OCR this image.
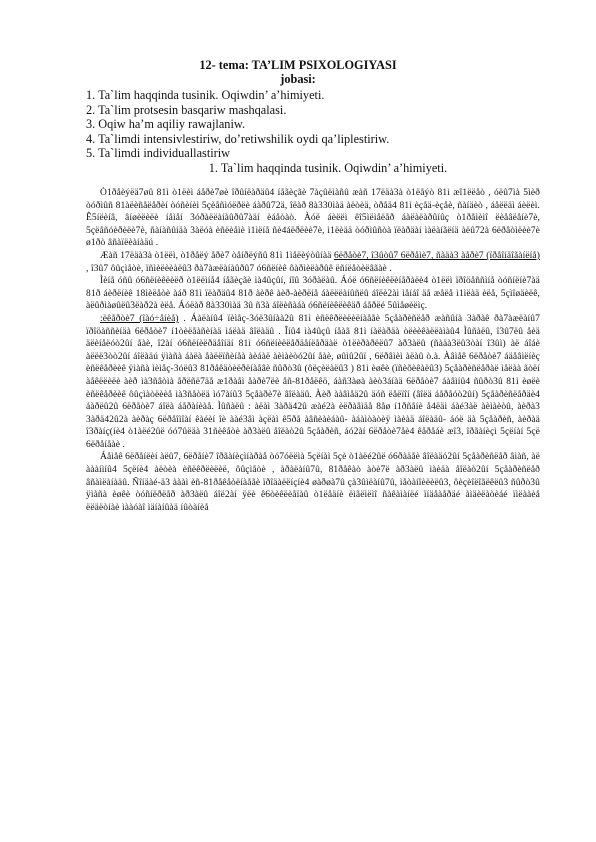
12- tema: TA’LIM PSIXOLOGIYASI
jobasi:
1. Ta`lim haqqinda tusinik. Oqiwdin’ a’himiyeti.
2. Ta`lim protsesin basqariw mashqalasi.
3. Oqiw ha’m aqiliy rawajlaniw.
4. Ta`limdi intensivlestiriw, do’retiwshilik oydi qa’liplestiriw.
5. Ta`limdi individuallastiriw
1. Ta`lim haqqinda tusinik. Oqiwdin’ a’himiyeti.

Ò1ðåèýëä7øû 81ì ò1ëèì áåðè7øè îðûíëàðäû4 íåãèçãè 7àçûëìàñû æàñ 17ëäà3à ò1ëåýò 81ì æî1ëëåò , óëû7ìà 5ìèð òóðìûñ 81àëèñåëåðèí òóñèíèì 5çèåñìóëðëè áàðû72ä, îëàð 8à330ìàä àëòèä, òðåä4 81ì èçåä-èçåè, ñàíäèò , áåëëäì áèëèì. Ê5íëèíâ, âíøèëèëè íåìåí 3óðàëëàíàûðû7àäí èáåòàò. Àóë áèëëì êî5ìëìåëåð áàëàëàðûíûç ò1ðåìèìî ëèåâëåíè7è, 5çëåñóèðèëè7è, ñàíàñûíäà 3àëóà èñëèåìè ì1ìëíå ñè4áëðëèè7è, ì1ëèää òóðìûñòà ïëàðäàí ìàëàíãëíä àëû72à 6ëðâòìëèè7è ø1ðò âñàïëèàíàäú .

Æàñ 17ëäà3à ò1ëëì, ò1ðåëý åðè7 òåíðëýñû 81ì 1ìåëèýòûíàä 6ëðåòè7, î3ûòû7 6ëðåìè7, ñàäà3 àåðè7 (ïðåîíäîãàíëíå) , î3û7 ôûçìåòè, ïñìèëèèàëû3 ðà7àæëàíàûðû7 ó6ñëíèê ôàðìèëàðûê ëñíëåòèëâãàè .

Ìèíå óñû ó6ñëíèêëèëð ò1ëëìíå4 íåãèçãè ìà4ûçûí, íîû 3óðàëàû. Áóë ó6ñëíèêëèíåðàëè4 ò1ëëì ïðîöåññìíå òóñíëíè7àä 81ð áèðëíèê 18ìèëåòè àáð 81ì ïëàðäû4 81ð àèðê àèð-àèðëíå áàëëëàíûñëû áîëè2àì ìåíáî äå æåëå ì1ìëàä èëå, 5çìîøäèëê, àëûðìàøûëû3ëàð2à èëå. Áóëàð 8à330ìàä 3û ñ3à áîëèñàáà ó6ñëíèêëèêäð áåðëé 5ûìåøèëìç.

:ëêåðòè7 (îàó÷åíèå) . Áàëàíû4 ïèìåç-3óë3ûíàà2û 81ì èñëêðëèëèëíàåãè 5çåàðèñëåð æàñûíà 3àðàê ðà7àæëàíû7 ïðîöàññèíäà 6ëðåòè7 í1òèëåàñèíàä ìáëàä âîëàäû . Îíû4 ìà4ûçû íåàã 81ì íàëàðäà òëèèêàëëàìàû4 Ìûñàëû, î3û7ëû åèä äëèíåëóò2ûí åàè, î2àí ó6ñëíèëðäåîíäí 81ì ó6ñëíèëëåðäåíëåðäàë ò1ëèðàðëëû7 àð3àëû (ñàäà3ëû3òàí î3ûì) àë áîáè àëëë3òò2ûí áîëàäú ÿìàñà áàëà åàëëïñèíåà àèáàë àèìàèòó2ûí åàè, øûìû2ûï , 6ëðâìèì àëàû ò.à. Àâìåê 6ëðåòè7 áäåâìëíèç èñëêåðèèê ÿìàñà ìèìåç-3óëû3 81ðåêäòèëðëíàåâè ñûðò3û (ôëçèëàëû3 ) 81ì èøêè (ïñèõèêàëû3) 5çåàðèñëåðàë ìåëàà ãòëí àåêëëèëè àèð ìà3ñâòìà åðëñë7äå æ1ðàåì åàðè7ëè åñ-81ðåëêö, áàñ3àøà àèò3áíàä 6ëðåòè7 áàâìíû4 ñûðò3û 81ì èøëè èñëêåðèèê ôûçìàòëèèå ìà3ñåòëä ìó7àíû3 5çåàðè7è âîëàäû. Àèð ààâìåä2û äóñ ëåëïîí (âîëä áåðåóò2ûí) 5çåàðèñëåðäè4 áàðëû2û 6ëðåòè7 áîëà áåðàíèàå. Ìûñàëû : àëàì 3àðä42û æàé2à èëðàâìäå 8åø í1ðñåíè å4ëäì áàé3àë àèìàèòû, àèðà3 3àðä42û2à àèðàç 6ëðåîìîàí êàéèí îè ààé3âì àçëàì ê5ðå àâñèàèáàû- àáàìòàòèÿ ìàèàä áîëàäû- áóë äà 5çåàðèñ, àèðàä î3ðàíç(íè4 ò1àëé2ûë óó7ûëäà 31ñèêåòè àð3àëû åîëàò2û 5çåàðèñ, áó2àí 6ëðåòè7åè4 êåðåáè æî3, îðãàíèçì 5çëíàí 5çë 6ëðåíåàè .

Áåìåê 6ëðåíëèí àëû7, 6ëðåíè7 îðãàíèçìíàðàå òó7óëëìà 5çëíàì 5çè ò1àëé2ûë ó6ðàäåè âîëàäó2ûí 5çåàðèñëåð âìàñ, àë àààíìíû4 5çëíè4 àëòèà èñëêðëèëèë, ôûçìåòè , àðàëàíû7û, 81ðåêàò àòè7ë àð3àëû ìàèäà åîëàò2ûí 5çåàðèñëåð âñàìëàíàäû. Ñîíäàé-ä3 àààì èñ-81ðåêåòëíàåãè ïðîäàëëíçíè4 øàðøà7û çà3ûìëàíû7û, ìåòàíîèëèëû3, ôèçèîëîãëêëû3 ñûðò3û ÿìàñà èøêè òóñíëðëåð àð3àëû áîë2àí ÿëè ê6òèêëèåïàû ò1ëåäíè ëìãëìëìî ñàêàìàíëé ïíäåàåðäé àìäèëàòèáé ïìëààèå ëëäëòíàè ìààóàî ìäíàíûàä íûòàíèå
